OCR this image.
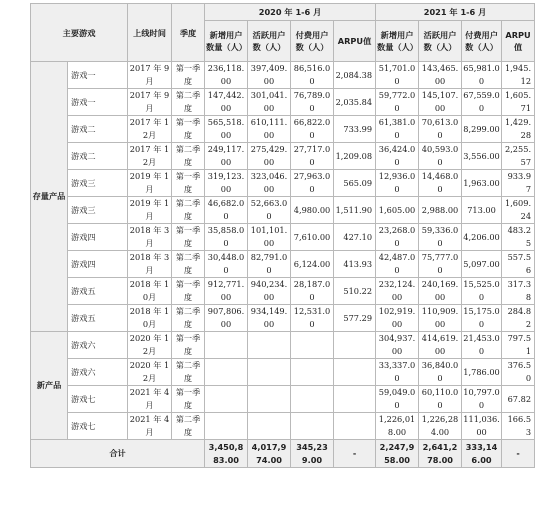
主要游戏		上线时间	季度	2020 年 1-6 月				2021 年 1-6 月			
				新增用户数量（人）	活跃用户数（人）	付费用户数（人）	ARPU值	新增用户数量（人）	活跃用户数（人）	付费用户数（人）	ARPU值
存量产品	游戏一	2017 年 9月	第一季度	236,118.00	397,409.00	86,516.00	2,084.38	51,701.00	143,465.00	65,981.00	1,945.12
	游戏一	2017 年 9月	第二季度	147,442.00	301,041.00	76,789.00	2,035.84	59,772.00	145,107.00	67,559.00	1,605.71
	游戏二	2017 年 12月	第一季度	565,518.00	610,111.00	66,822.00	733.99	61,381.00	70,613.00	8,299.00	1,429.28
	游戏二	2017 年 12月	第二季度	249,117.00	275,429.00	27,717.00	1,209.08	36,424.00	40,593.00	3,556.00	2,255.57
	游戏三	2019 年 1月	第一季度	319,123.00	323,046.00	27,963.00	565.09	12,936.00	14,468.00	1,963.00	933.97
	游戏三	2019 年 1月	第二季度	46,682.00	52,663.00	4,980.00	1,511.90	1,605.00	2,988.00	713.00	1,609.24
	游戏四	2018 年 3月	第一季度	35,858.00	101,101.00	7,610.00	427.10	23,268.00	59,336.00	4,206.00	483.25
	游戏四	2018 年 3月	第二季度	30,448.00	82,791.00	6,124.00	413.93	42,487.00	75,777.00	5,097.00	557.56
	游戏五	2018 年 10月	第一季度	912,771.00	940,234.00	28,187.00	510.22	232,124.00	240,169.00	15,525.00	317.38
	游戏五	2018 年 10月	第二季度	907,806.00	934,149.00	12,531.00	577.29	102,919.00	110,909.00	15,175.00	284.82
新产品	游戏六	2020 年 12月	第一季度					304,937.00	414,619.00	21,453.00	797.51
	游戏六	2020 年 12月	第二季度					33,337.00	36,840.00	1,786.00	376.50
	游戏七	2021 年 4月	第一季度					59,049.00	60,110.00	10,797.00	67.82
	游戏七	2021 年 4月	第二季度					1,226,018.00	1,226,284.00	111,036.00	166.53
合计				3,450,883.00	4,017,974.00	345,239.00	-	2,247,958.00	2,641,278.00	333,146.00	-
